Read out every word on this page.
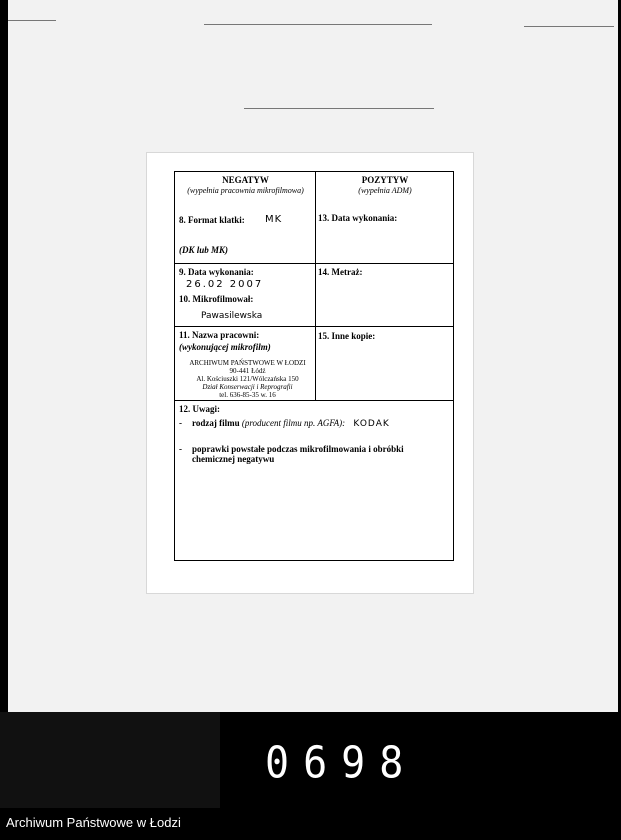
NEGATYW
(wypełnia pracownia mikrofilmowa)
POZYTYW
(wypełnia ADM)
8. Format klatki: MK
(DK lub MK)
13. Data wykonania:
9. Data wykonania:
26.02 2007
10. Mikrofilmował:
Pawasilewska
14. Metraż:
11. Nazwa pracowni:
(wykonującej mikrofilm)
ARCHIWUM PAŃSTWOWE W ŁODZI
90-441 Łódź
Al. Kościuszki 121/Wólczańska 150
Dział Konserwacji i Reprografii
tel. 636-85-35 w. 16
15. Inne kopie:
12. Uwagi:
- rodzaj filmu (producent filmu np. AGFA): KODAK
- poprawki powstałe podczas mikrofilmowania i obróbki
chemicznej negatywu
0698
Archiwum Państwowe w Łodzi
